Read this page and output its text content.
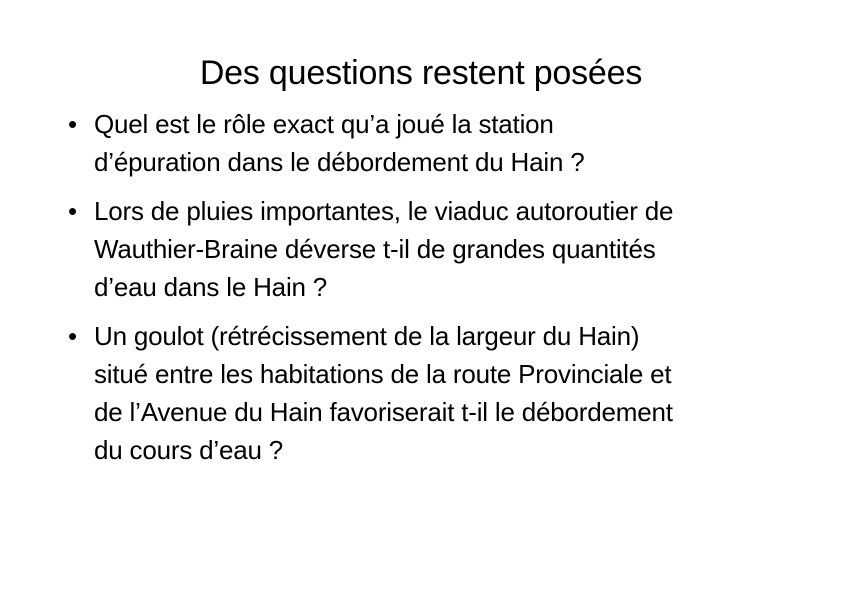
Des questions restent posées
• Quel est le rôle exact qu’a joué la station
d’épuration dans le débordement du Hain ?
• Lors de pluies importantes, le viaduc autoroutier de
Wauthier-Braine déverse t-il de grandes quantités
d’eau dans le Hain ?
• Un goulot (rétrécissement de la largeur du Hain)
situé entre les habitations de la route Provinciale et
de l’Avenue du Hain favoriserait t-il le débordement
du cours d’eau ?
